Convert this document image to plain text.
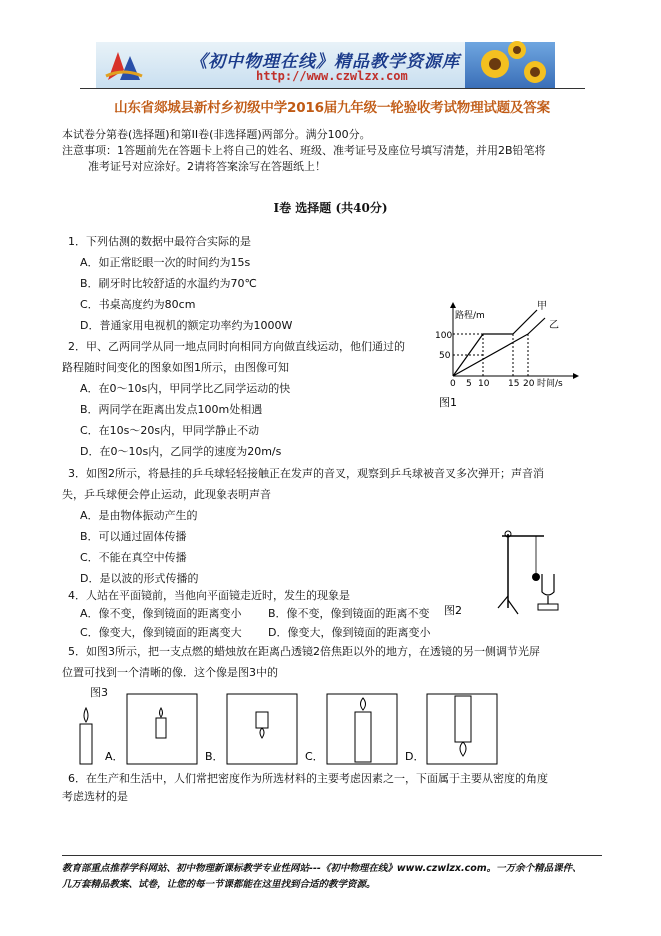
《初中物理在线》精品教学资源库
http://www.czwlzx.com
山东省郯城县新村乡初级中学2016届九年级一轮验收考试物理试题及答案
本试卷分第卷(选择题)和第II卷(非选择题)两部分。满分100分。
注意事项：1答题前先在答题卡上将自己的姓名、班级、准考证号及座位号填写清楚，并用2B铅笔将
准考证号对应涂好。2请将答案涂写在答题纸上！
I卷 选择题 (共40分)
1．下列估测的数据中最符合实际的是
A．如正常眨眼一次的时间约为15s
B．刷牙时比较舒适的水温约为70℃
C．书桌高度约为80cm
D．普通家用电视机的额定功率约为1000W
2．甲、乙两同学从同一地点同时向相同方向做直线运动，他们通过的
路程随时间变化的图象如图1所示，由图像可知
A．在0～10s内，甲同学比乙同学运动的快
B．两同学在距离出发点100m处相遇
C．在10s～20s内，甲同学静止不动
D．在0～10s内，乙同学的速度为20m/s
路程/m
甲
乙
100
50
0 5 10 15 20 时间/s
图1
3．如图2所示，将悬挂的乒乓球轻轻接触正在发声的音叉，观察到乒乓球被音叉多次弹开；声音消
失，乒乓球便会停止运动，此现象表明声音
A．是由物体振动产生的
B．可以通过固体传播
C．不能在真空中传播
D．是以波的形式传播的
图2
4．人站在平面镜前，当他向平面镜走近时，发生的现象是
A．像不变，像到镜面的距离变小 B．像不变，像到镜面的距离不变
C．像变大，像到镜面的距离变大 D．像变大，像到镜面的距离变小
5．如图3所示，把一支点燃的蜡烛放在距离凸透镜2倍焦距以外的地方，在透镜的另一侧调节光屏
位置可找到一个清晰的像．这个像是图3中的
图3
A．	B．	C．	D．
6．在生产和生活中，人们常把密度作为所选材料的主要考虑因素之一，下面属于主要从密度的角度
考虑选材的是
教育部重点推荐学科网站、初中物理新课标教学专业性网站---《初中物理在线》www.czwlzx.com。一万余个精品课件、
几万套精品教案、试卷，让您的每一节课都能在这里找到合适的教学资源。
